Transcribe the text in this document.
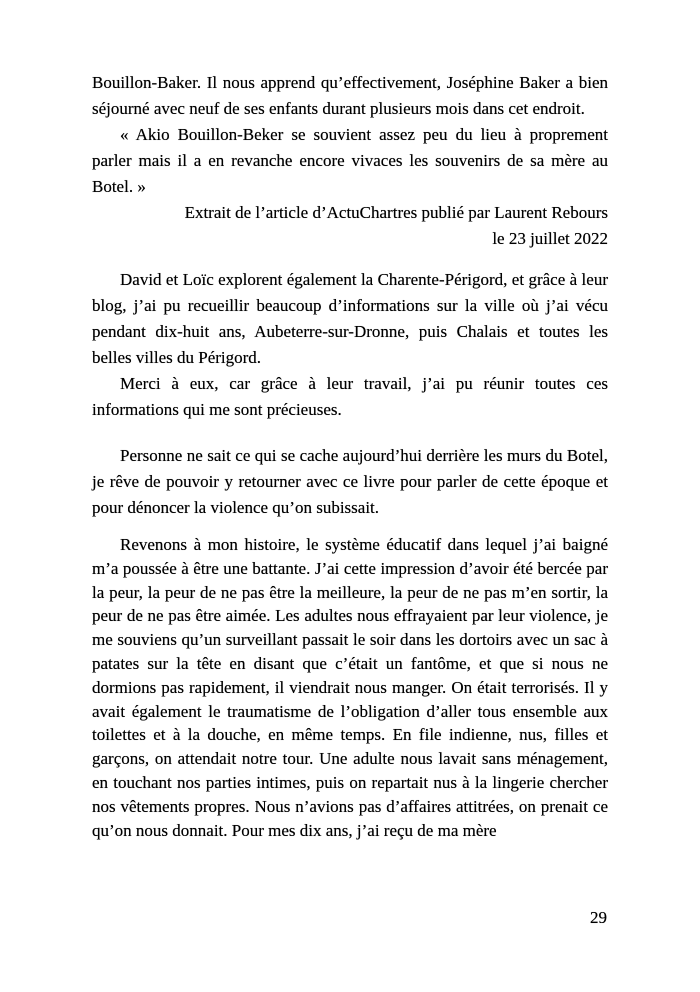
Bouillon-Baker. Il nous apprend qu’effectivement, Joséphine Baker a bien séjourné avec neuf de ses enfants durant plusieurs mois dans cet endroit.

« Akio Bouillon-Beker se souvient assez peu du lieu à proprement parler mais il a en revanche encore vivaces les souvenirs de sa mère au Botel. »

Extrait de l’article d’ActuChartres publié par Laurent Rebours
le 23 juillet 2022

David et Loïc explorent également la Charente-Périgord, et grâce à leur blog, j’ai pu recueillir beaucoup d’informations sur la ville où j’ai vécu pendant dix-huit ans, Aubeterre-sur-Dronne, puis Chalais et toutes les belles villes du Périgord.

Merci à eux, car grâce à leur travail, j’ai pu réunir toutes ces informations qui me sont précieuses.

Personne ne sait ce qui se cache aujourd’hui derrière les murs du Botel, je rêve de pouvoir y retourner avec ce livre pour parler de cette époque et pour dénoncer la violence qu’on subissait.

Revenons à mon histoire, le système éducatif dans lequel j’ai baigné m’a poussée à être une battante. J’ai cette impression d’avoir été bercée par la peur, la peur de ne pas être la meilleure, la peur de ne pas m’en sortir, la peur de ne pas être aimée. Les adultes nous effrayaient par leur violence, je me souviens qu’un surveillant passait le soir dans les dortoirs avec un sac à patates sur la tête en disant que c’était un fantôme, et que si nous ne dormions pas rapidement, il viendrait nous manger. On était terrorisés. Il y avait également le traumatisme de l’obligation d’aller tous ensemble aux toilettes et à la douche, en même temps. En file indienne, nus, filles et garçons, on attendait notre tour. Une adulte nous lavait sans ménagement, en touchant nos parties intimes, puis on repartait nus à la lingerie chercher nos vêtements propres. Nous n’avions pas d’affaires attitrées, on prenait ce qu’on nous donnait. Pour mes dix ans, j’ai reçu de ma mère

29
